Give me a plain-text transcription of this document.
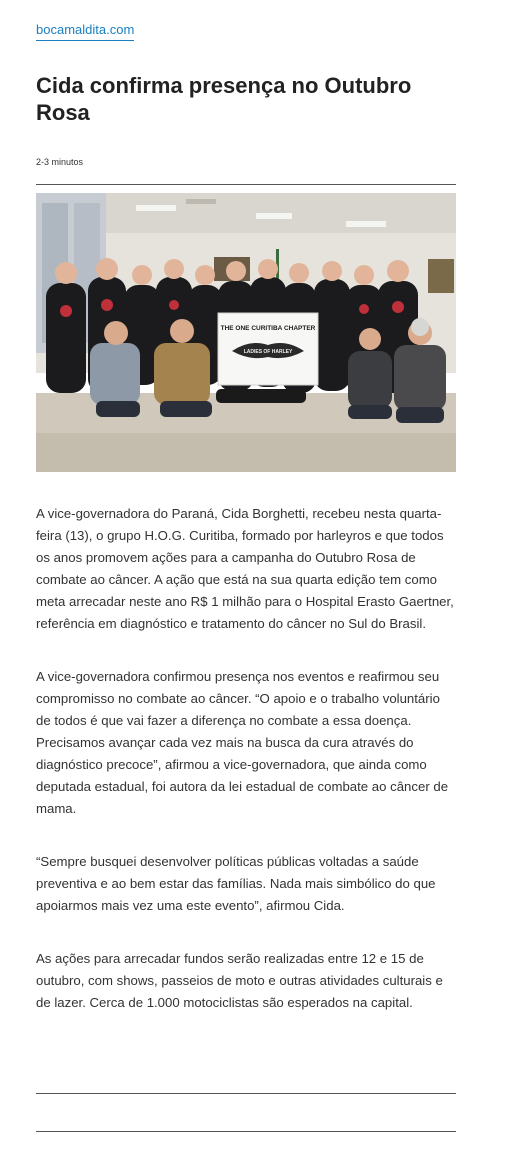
bocamaldita.com
Cida confirma presença no Outubro Rosa
2-3 minutos
THE ONE CURITIBA CHAPTER
LADIES OF HARLEY

A vice-governadora do Paraná, Cida Borghetti, recebeu nesta quarta-feira (13), o grupo H.O.G. Curitiba, formado por harleyros e que todos os anos promovem ações para a campanha do Outubro Rosa de combate ao câncer. A ação que está na sua quarta edição tem como meta arrecadar neste ano R$ 1 milhão para o Hospital Erasto Gaertner, referência em diagnóstico e tratamento do câncer no Sul do Brasil.

A vice-governadora confirmou presença nos eventos e reafirmou seu compromisso no combate ao câncer. “O apoio e o trabalho voluntário de todos é que vai fazer a diferença no combate a essa doença. Precisamos avançar cada vez mais na busca da cura através do diagnóstico precoce”, afirmou a vice-governadora, que ainda como deputada estadual, foi autora da lei estadual de combate ao câncer de mama.

“Sempre busquei desenvolver políticas públicas voltadas a saúde preventiva e ao bem estar das famílias. Nada mais simbólico do que apoiarmos mais vez uma este evento”, afirmou Cida.

As ações para arrecadar fundos serão realizadas entre 12 e 15 de outubro, com shows, passeios de moto e outras atividades culturais e de lazer. Cerca de 1.000 motociclistas são esperados na capital.
